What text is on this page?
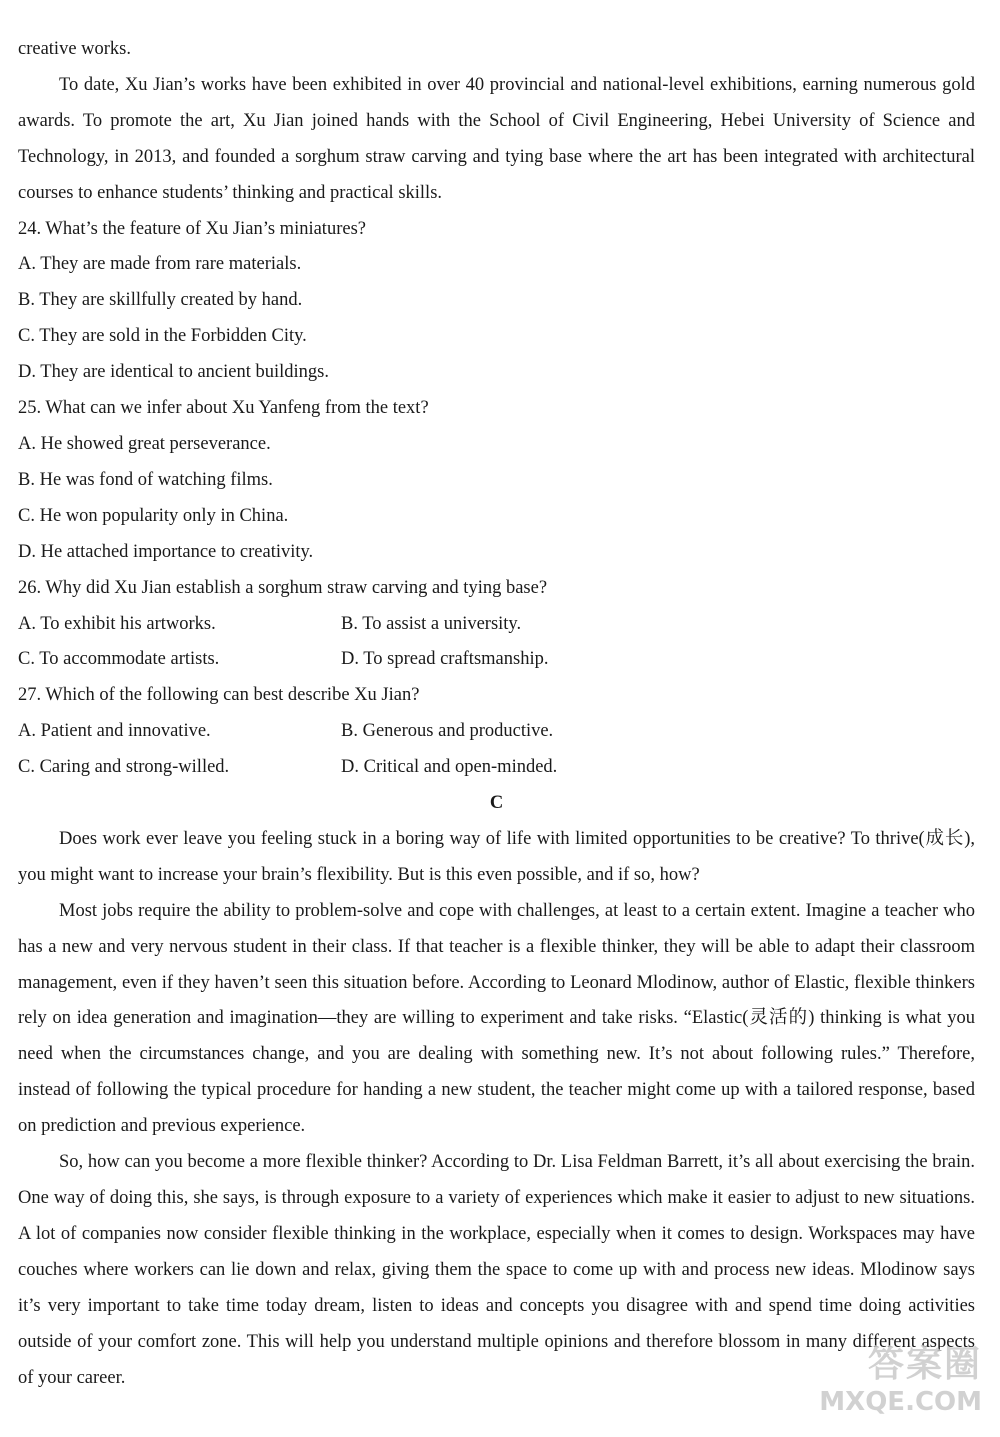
creative works.

To date, Xu Jian’s works have been exhibited in over 40 provincial and national-level exhibitions, earning numerous gold awards. To promote the art, Xu Jian joined hands with the School of Civil Engineering, Hebei University of Science and Technology, in 2013, and founded a sorghum straw carving and tying base where the art has been integrated with architectural courses to enhance students’ thinking and practical skills.

24. What’s the feature of Xu Jian’s miniatures?

A. They are made from rare materials.

B. They are skillfully created by hand.

C. They are sold in the Forbidden City.

D. They are identical to ancient buildings.

25. What can we infer about Xu Yanfeng from the text?

A. He showed great perseverance.

B. He was fond of watching films.

C. He won popularity only in China.

D. He attached importance to creativity.

26. Why did Xu Jian establish a sorghum straw carving and tying base?

A. To exhibit his artworks.	B. To assist a university.
C. To accommodate artists.	D. To spread craftsmanship.

27. Which of the following can best describe Xu Jian?

A. Patient and innovative.	B. Generous and productive.
C. Caring and strong-willed.	D. Critical and open-minded.

C

Does work ever leave you feeling stuck in a boring way of life with limited opportunities to be creative? To thrive(成长), you might want to increase your brain’s flexibility. But is this even possible, and if so, how?

Most jobs require the ability to problem-solve and cope with challenges, at least to a certain extent. Imagine a teacher who has a new and very nervous student in their class. If that teacher is a flexible thinker, they will be able to adapt their classroom management, even if they haven’t seen this situation before. According to Leonard Mlodinow, author of Elastic, flexible thinkers rely on idea generation and imagination—they are willing to experiment and take risks. “Elastic(灵活的) thinking is what you need when the circumstances change, and you are dealing with something new. It’s not about following rules.” Therefore, instead of following the typical procedure for handing a new student, the teacher might come up with a tailored response, based on prediction and previous experience.

So, how can you become a more flexible thinker? According to Dr. Lisa Feldman Barrett, it’s all about exercising the brain. One way of doing this, she says, is through exposure to a variety of experiences which make it easier to adjust to new situations. A lot of companies now consider flexible thinking in the workplace, especially when it comes to design. Workspaces may have couches where workers can lie down and relax, giving them the space to come up with and process new ideas. Mlodinow says it’s very important to take time today dream, listen to ideas and concepts you disagree with and spend time doing activities outside of your comfort zone. This will help you understand multiple opinions and therefore blossom in many different aspects of your career.	答案圈
MXQE.COM
